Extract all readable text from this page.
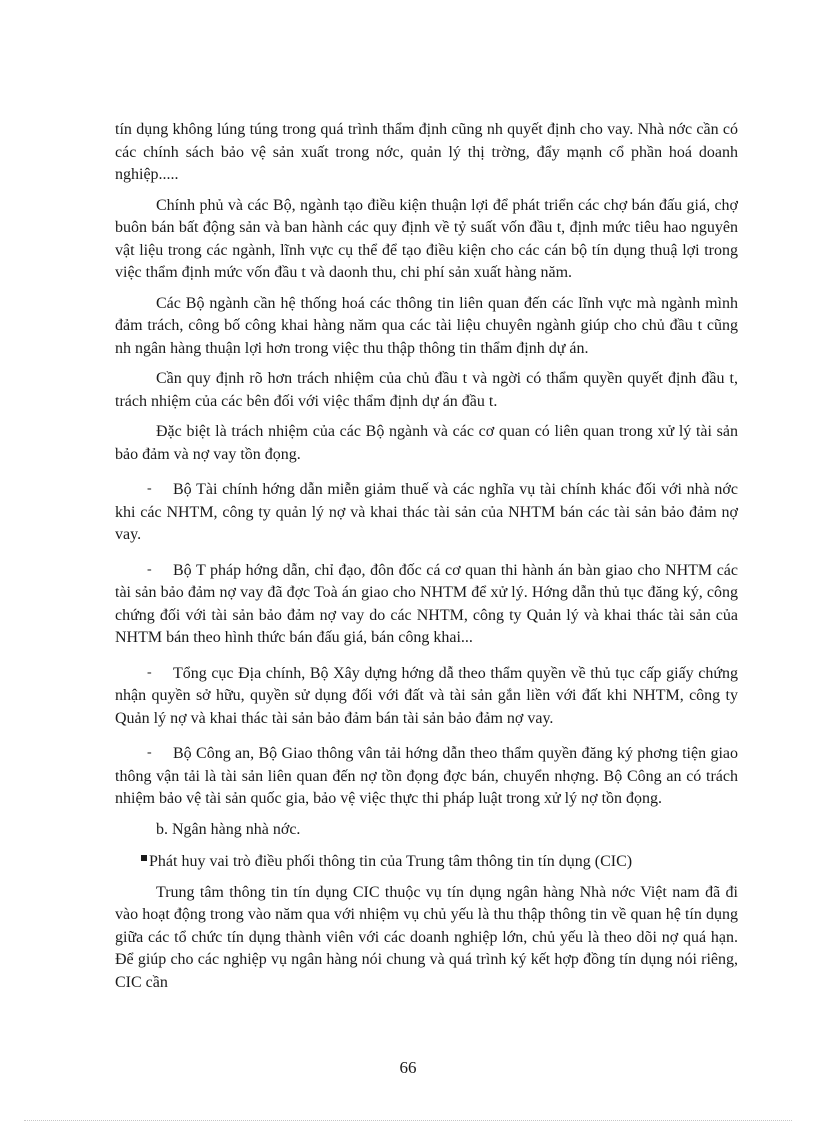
tín dụng không lúng túng trong quá trình thẩm định cũng nh quyết định cho vay. Nhà nớc cần có các chính sách bảo vệ sản xuất trong nớc, quản lý thị trờng, đẩy mạnh cổ phần hoá doanh nghiệp.....

Chính phủ và các Bộ, ngành tạo điều kiện thuận lợi để phát triển các chợ bán đấu giá, chợ buôn bán bất động sản và ban hành các quy định về tỷ suất vốn đầu t, định mức tiêu hao nguyên vật liệu trong các ngành, lĩnh vực cụ thể để tạo điều kiện cho các cán bộ tín dụng thuậ lợi trong việc thẩm định mức vốn đầu t và daonh thu, chi phí sản xuất hàng năm.

Các Bộ ngành cần hệ thống hoá các thông tin liên quan đến các lĩnh vực mà ngành mình đảm trách, công bố công khai hàng năm qua các tài liệu chuyên ngành giúp cho chủ đầu t cũng nh ngân hàng thuận lợi hơn trong việc thu thập thông tin thẩm định dự án.

Cần quy định rõ hơn trách nhiệm của chủ đầu t và ngời có thẩm quyền quyết định đầu t, trách nhiệm của các bên đối với việc thẩm định dự án đầu t.

Đặc biệt là trách nhiệm của các Bộ ngành và các cơ quan có liên quan trong xử lý tài sản bảo đảm và nợ vay tồn đọng.

- Bộ Tài chính hớng dẫn miễn giảm thuế và các nghĩa vụ tài chính khác đối với nhà nớc khi các NHTM, công ty quản lý nợ và khai thác tài sản của NHTM bán các tài sản bảo đảm nợ vay.

- Bộ T pháp hớng dẫn, chỉ đạo, đôn đốc cá cơ quan thi hành án bàn giao cho NHTM các tài sản bảo đảm nợ vay đã đợc Toà án giao cho NHTM để xử lý. Hớng dẫn thủ tục đăng ký, công chứng đối với tài sản bảo đảm nợ vay do các NHTM, công ty Quản lý và khai thác tài sản của NHTM bán theo hình thức bán đấu giá, bán công khai...

- Tổng cục Địa chính, Bộ Xây dựng hớng dẫ theo thẩm quyền về thủ tục cấp giấy chứng nhận quyền sở hữu, quyền sử dụng đối với đất và tài sản gắn liền với đất khi NHTM, công ty Quản lý nợ và khai thác tài sản bảo đảm bán tài sản bảo đảm nợ vay.

- Bộ Công an, Bộ Giao thông vân tải hớng dẫn theo thẩm quyền đăng ký phơng tiện giao thông vận tải là tài sản liên quan đến nợ tồn đọng đợc bán, chuyển nhợng. Bộ Công an có trách nhiệm bảo vệ tài sản quốc gia, bảo vệ việc thực thi pháp luật trong xử lý nợ tồn đọng.

b. Ngân hàng nhà nớc.

Phát huy vai trò điều phối thông tin của Trung tâm thông tin tín dụng (CIC)

Trung tâm thông tin tín dụng CIC thuộc vụ tín dụng ngân hàng Nhà nớc Việt nam đã đi vào hoạt động trong vào năm qua với nhiệm vụ chủ yếu là thu thập thông tin về quan hệ tín dụng giữa các tổ chức tín dụng thành viên với các doanh nghiệp lớn, chủ yếu là theo dõi nợ quá hạn. Để giúp cho các nghiệp vụ ngân hàng nói chung và quá trình ký kết hợp đồng tín dụng nói riêng, CIC cần

66
